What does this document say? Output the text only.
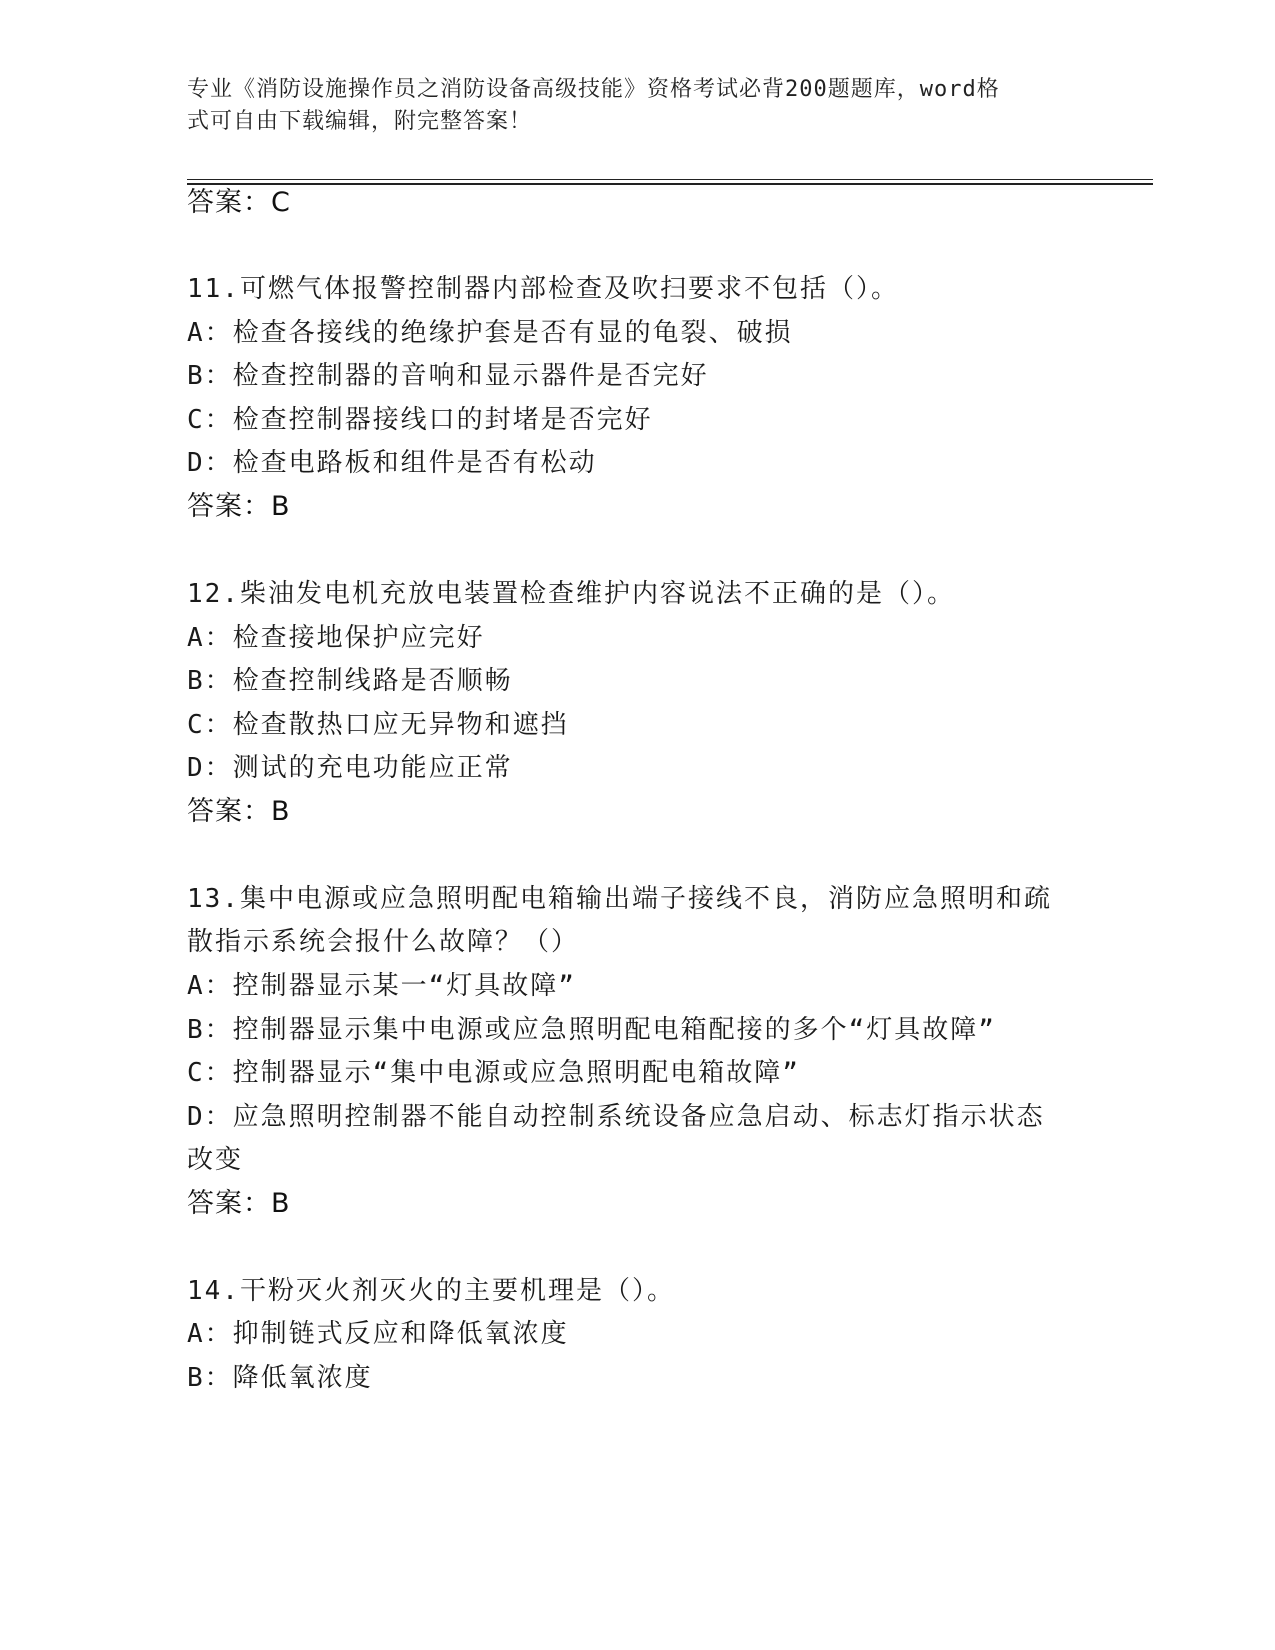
专业《消防设施操作员之消防设备高级技能》资格考试必背200题题库，word格
式可自由下载编辑，附完整答案！
答案：C
11.可燃气体报警控制器内部检查及吹扫要求不包括（）。
A：检查各接线的绝缘护套是否有显的龟裂、破损
B：检查控制器的音响和显示器件是否完好
C：检查控制器接线口的封堵是否完好
D：检查电路板和组件是否有松动
答案：B
12.柴油发电机充放电装置检查维护内容说法不正确的是（）。
A：检查接地保护应完好
B：检查控制线路是否顺畅
C：检查散热口应无异物和遮挡
D：测试的充电功能应正常
答案：B
13.集中电源或应急照明配电箱输出端子接线不良，消防应急照明和疏
散指示系统会报什么故障？（）
A：控制器显示某一“灯具故障”
B：控制器显示集中电源或应急照明配电箱配接的多个“灯具故障”
C：控制器显示“集中电源或应急照明配电箱故障”
D：应急照明控制器不能自动控制系统设备应急启动、标志灯指示状态
改变
答案：B
14.干粉灭火剂灭火的主要机理是（）。
A：抑制链式反应和降低氧浓度
B：降低氧浓度
